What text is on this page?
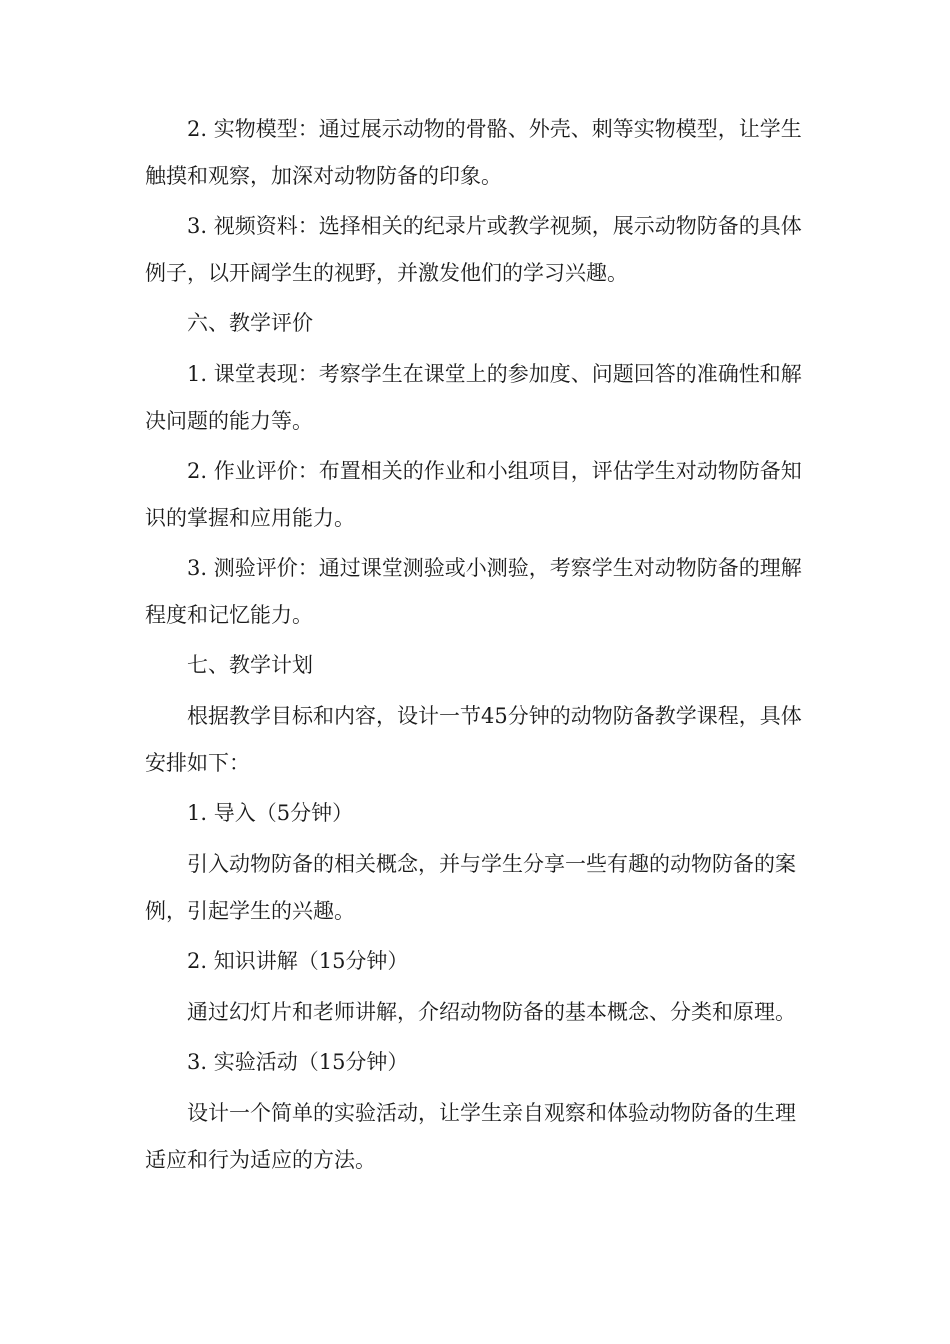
2. 实物模型：通过展示动物的骨骼、外壳、刺等实物模型，让学生触摸和观察，加深对动物防备的印象。

3. 视频资料：选择相关的纪录片或教学视频，展示动物防备的具体例子，以开阔学生的视野，并激发他们的学习兴趣。

六、教学评价

1. 课堂表现：考察学生在课堂上的参加度、问题回答的准确性和解决问题的能力等。

2. 作业评价：布置相关的作业和小组项目，评估学生对动物防备知识的掌握和应用能力。

3. 测验评价：通过课堂测验或小测验，考察学生对动物防备的理解程度和记忆能力。

七、教学计划

根据教学目标和内容，设计一节45分钟的动物防备教学课程，具体安排如下：

1. 导入（5分钟）

引入动物防备的相关概念，并与学生分享一些有趣的动物防备的案例，引起学生的兴趣。

2. 知识讲解（15分钟）

通过幻灯片和老师讲解，介绍动物防备的基本概念、分类和原理。

3. 实验活动（15分钟）

设计一个简单的实验活动，让学生亲自观察和体验动物防备的生理适应和行为适应的方法。
